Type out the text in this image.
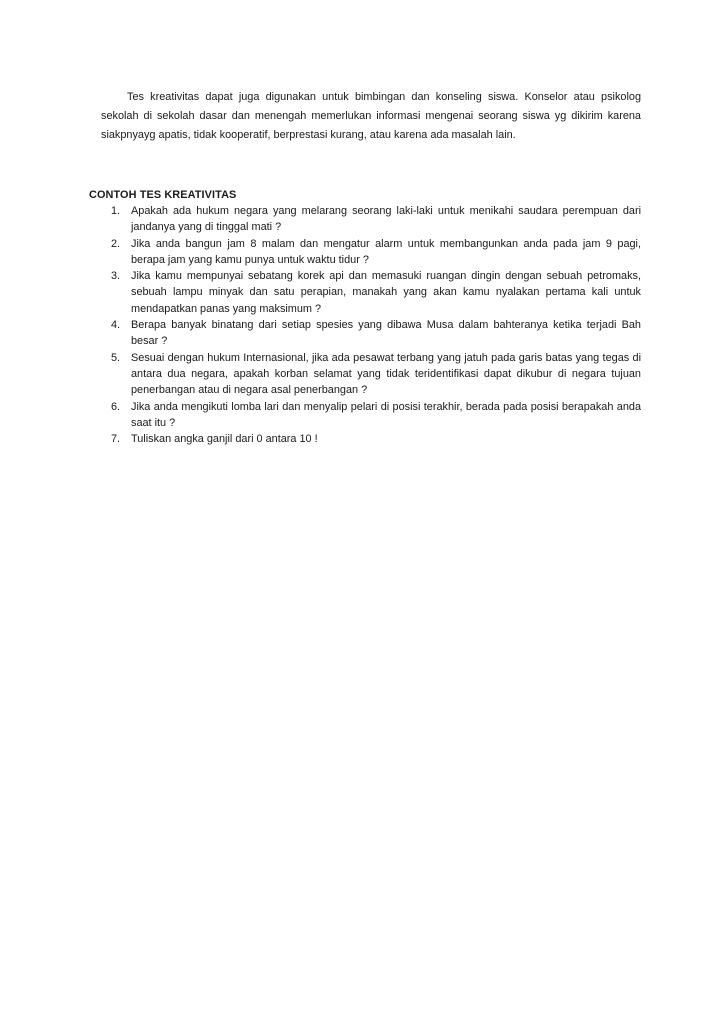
Tes kreativitas dapat juga digunakan untuk bimbingan dan konseling siswa. Konselor atau psikolog sekolah di sekolah dasar dan menengah memerlukan informasi mengenai seorang siswa yg dikirim karena siakpnyayg apatis, tidak kooperatif, berprestasi kurang, atau karena ada masalah lain.

CONTOH TES KREATIVITAS

1.	Apakah ada hukum negara yang melarang seorang laki-laki untuk menikahi saudara perempuan dari jandanya yang di tinggal mati ?
2.	Jika anda bangun jam 8 malam dan mengatur alarm untuk membangunkan anda pada jam 9 pagi, berapa jam yang kamu punya untuk waktu tidur ?
3.	Jika kamu mempunyai sebatang korek api dan memasuki ruangan dingin dengan sebuah petromaks, sebuah lampu minyak dan satu perapian, manakah yang akan kamu nyalakan pertama kali untuk mendapatkan panas yang maksimum ?
4.	Berapa banyak binatang dari setiap spesies yang dibawa Musa dalam bahteranya ketika terjadi Bah besar ?
5.	Sesuai dengan hukum Internasional, jika ada pesawat terbang yang jatuh pada garis batas yang tegas di antara dua negara, apakah korban selamat yang tidak teridentifikasi dapat dikubur di negara tujuan penerbangan atau di negara asal penerbangan ?
6.	Jika anda mengikuti lomba lari dan menyalip pelari di posisi terakhir, berada pada posisi berapakah anda saat itu ?
7.	Tuliskan angka ganjil dari 0 antara 10 !
